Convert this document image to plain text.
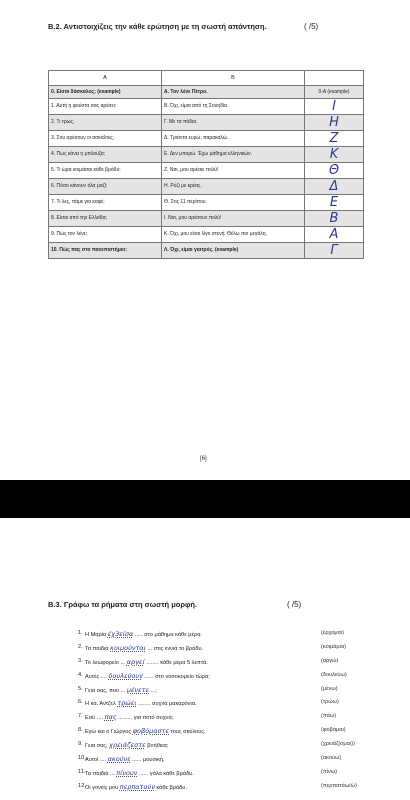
Β.2. Αντιστοιχίζεις την κάθε ερώτηση με τη σωστή απάντηση.	( /5)
Α	Β	
0. Είσαι δάσκαλος; (example)	Α. Τον λένε Πέτρο.	0-Α (example)
1. Αυτή η φούστα σας αρέσει;	Β. Όχι, είμαι από τη Σουηδία.	I
2. Τι τρως;	Γ. Με τα πόδια.	H
3. Σου αρέσουν οι ασκάλτες;	Δ. Τριάντα ευρώ, παρακαλώ.	Z
4. Πως κάνει η μπλούζα;	Ε. Δεν μπορώ. Έχω μάθημα ελληνικών.	K
5. Τι ώρα κοιμάσαι κάθε βράδυ;	Ζ. Ναι, μου αρέσει πολύ!	Θ
6. Πόσο κάνουν όλα μαζί;	Η. Ρύζι με κρέας.	Δ
7. Τι λες, πάμε για καφέ;	Θ. Στις 11 περίπου.	E
8. Είσαι από την Ελλάδα;	Ι. Ναι, μου αρέσουν πολύ!	B
9. Πώς τον λένε;	Κ. Όχι, μου είναι λίγο στενή. Θέλω πιο μεγάλη.	A
10. Πώς πας στο πανεπιστήμιο;	Λ. Όχι, είμαι γιατρός. (example)	Γ
[6]
Β.3. Γράφω τα ρήματα στη σωστή μορφή.	( /5)
1. Η Μαρία έχ3είσα ..... στο μάθημα κάθε μέρα.	(έρχομαι)
2. Τα παιδιά κοιμούνται ... στις εννιά το βράδυ.	(κοιμάμαι)
3. Το λεωφορείο ... αργεί ........ κάθε μέρα 5 λεπτά.	(αργώ)
4. Αυτές .... δουλεύουν ...... στο νοσοκομείο τώρα;	(δουλεύω)
5. Γεια σας, πού ... μένετε ...;	(μένω)
6. Η κα. Άντζελ τρώει ........ συχνά μακαρόνια.	(τρώω)
7. Εσύ .... πας ......... για ποτό συχνά;	(πάω)
8. Εγώ και ο Γιώργος φοβόμαστε τους σκύλους.	(φοβάμαι)
9. Γεια σας, χρειάζεστε βοήθεια;	(χρειάζ(ομαι))
10. Αυτοί .... ακούνε ...... μουσική.	(ακούω)
11. Τα παιδιά ... πίνουν ...... γάλα κάθε βράδυ.	(πίνω)
12. Οι γονείς μου περπατούν κάθε βράδυ.	(περπατάω/ώ)
